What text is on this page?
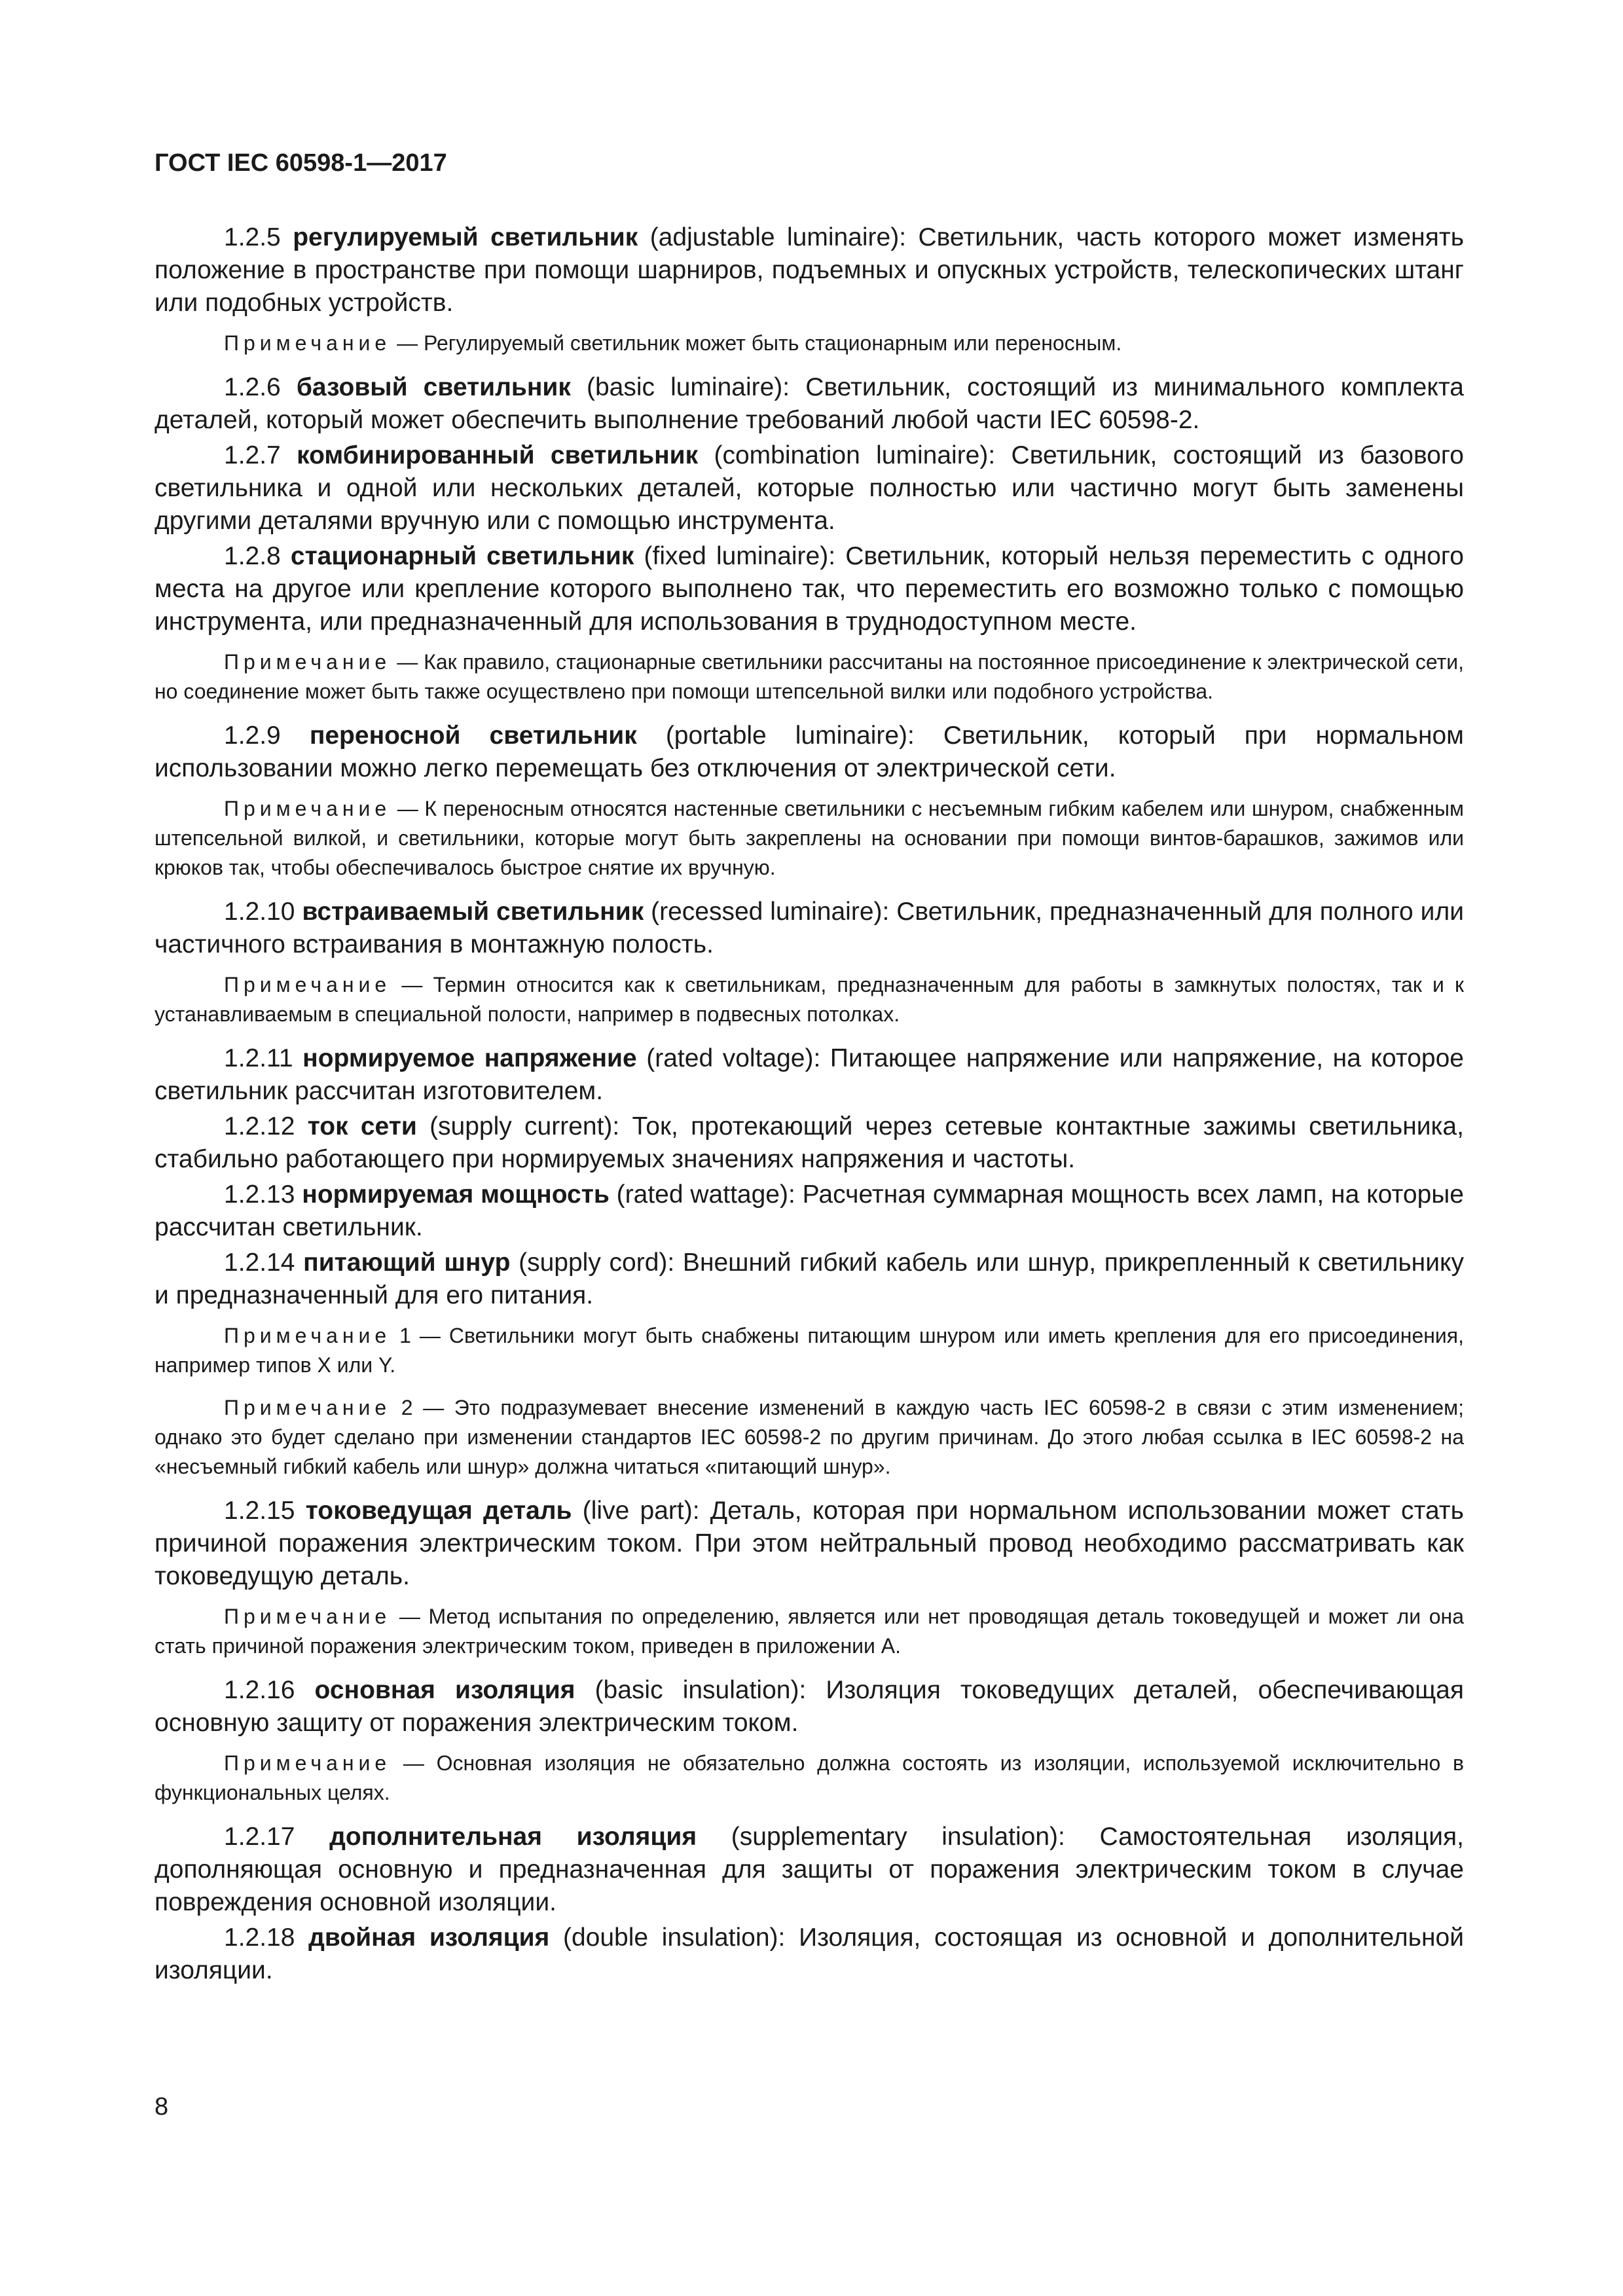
ГОСТ IEC 60598-1—2017

1.2.5 регулируемый светильник (adjustable luminaire): Светильник, часть которого может изменять положение в пространстве при помощи шарниров, подъемных и опускных устройств, телескопических штанг или подобных устройств.

Примечание — Регулируемый светильник может быть стационарным или переносным.

1.2.6 базовый светильник (basic luminaire): Светильник, состоящий из минимального комплекта деталей, который может обеспечить выполнение требований любой части IEC 60598-2.

1.2.7 комбинированный светильник (combination luminaire): Светильник, состоящий из базового светильника и одной или нескольких деталей, которые полностью или частично могут быть заменены другими деталями вручную или с помощью инструмента.

1.2.8 стационарный светильник (fixed luminaire): Светильник, который нельзя переместить с одного места на другое или крепление которого выполнено так, что переместить его возможно только с помощью инструмента, или предназначенный для использования в труднодоступном месте.

Примечание — Как правило, стационарные светильники рассчитаны на постоянное присоединение к электрической сети, но соединение может быть также осуществлено при помощи штепсельной вилки или подобного устройства.

1.2.9 переносной светильник (portable luminaire): Светильник, который при нормальном использовании можно легко перемещать без отключения от электрической сети.

Примечание — К переносным относятся настенные светильники с несъемным гибким кабелем или шнуром, снабженным штепсельной вилкой, и светильники, которые могут быть закреплены на основании при помощи винтов-барашков, зажимов или крюков так, чтобы обеспечивалось быстрое снятие их вручную.

1.2.10 встраиваемый светильник (recessed luminaire): Светильник, предназначенный для полного или частичного встраивания в монтажную полость.

Примечание — Термин относится как к светильникам, предназначенным для работы в замкнутых полостях, так и к устанавливаемым в специальной полости, например в подвесных потолках.

1.2.11 нормируемое напряжение (rated voltage): Питающее напряжение или напряжение, на которое светильник рассчитан изготовителем.

1.2.12 ток сети (supply current): Ток, протекающий через сетевые контактные зажимы светильника, стабильно работающего при нормируемых значениях напряжения и частоты.

1.2.13 нормируемая мощность (rated wattage): Расчетная суммарная мощность всех ламп, на которые рассчитан светильник.

1.2.14 питающий шнур (supply cord): Внешний гибкий кабель или шнур, прикрепленный к светильнику и предназначенный для его питания.

Примечание 1 — Светильники могут быть снабжены питающим шнуром или иметь крепления для его присоединения, например типов X или Y.

Примечание 2 — Это подразумевает внесение изменений в каждую часть IEC 60598-2 в связи с этим изменением; однако это будет сделано при изменении стандартов IEC 60598-2 по другим причинам. До этого любая ссылка в IEC 60598-2 на «несъемный гибкий кабель или шнур» должна читаться «питающий шнур».

1.2.15 токоведущая деталь (live part): Деталь, которая при нормальном использовании может стать причиной поражения электрическим током. При этом нейтральный провод необходимо рассматривать как токоведущую деталь.

Примечание — Метод испытания по определению, является или нет проводящая деталь токоведущей и может ли она стать причиной поражения электрическим током, приведен в приложении А.

1.2.16 основная изоляция (basic insulation): Изоляция токоведущих деталей, обеспечивающая основную защиту от поражения электрическим током.

Примечание — Основная изоляция не обязательно должна состоять из изоляции, используемой исключительно в функциональных целях.

1.2.17 дополнительная изоляция (supplementary insulation): Самостоятельная изоляция, дополняющая основную и предназначенная для защиты от поражения электрическим током в случае повреждения основной изоляции.

1.2.18 двойная изоляция (double insulation): Изоляция, состоящая из основной и дополнительной изоляции.

8
